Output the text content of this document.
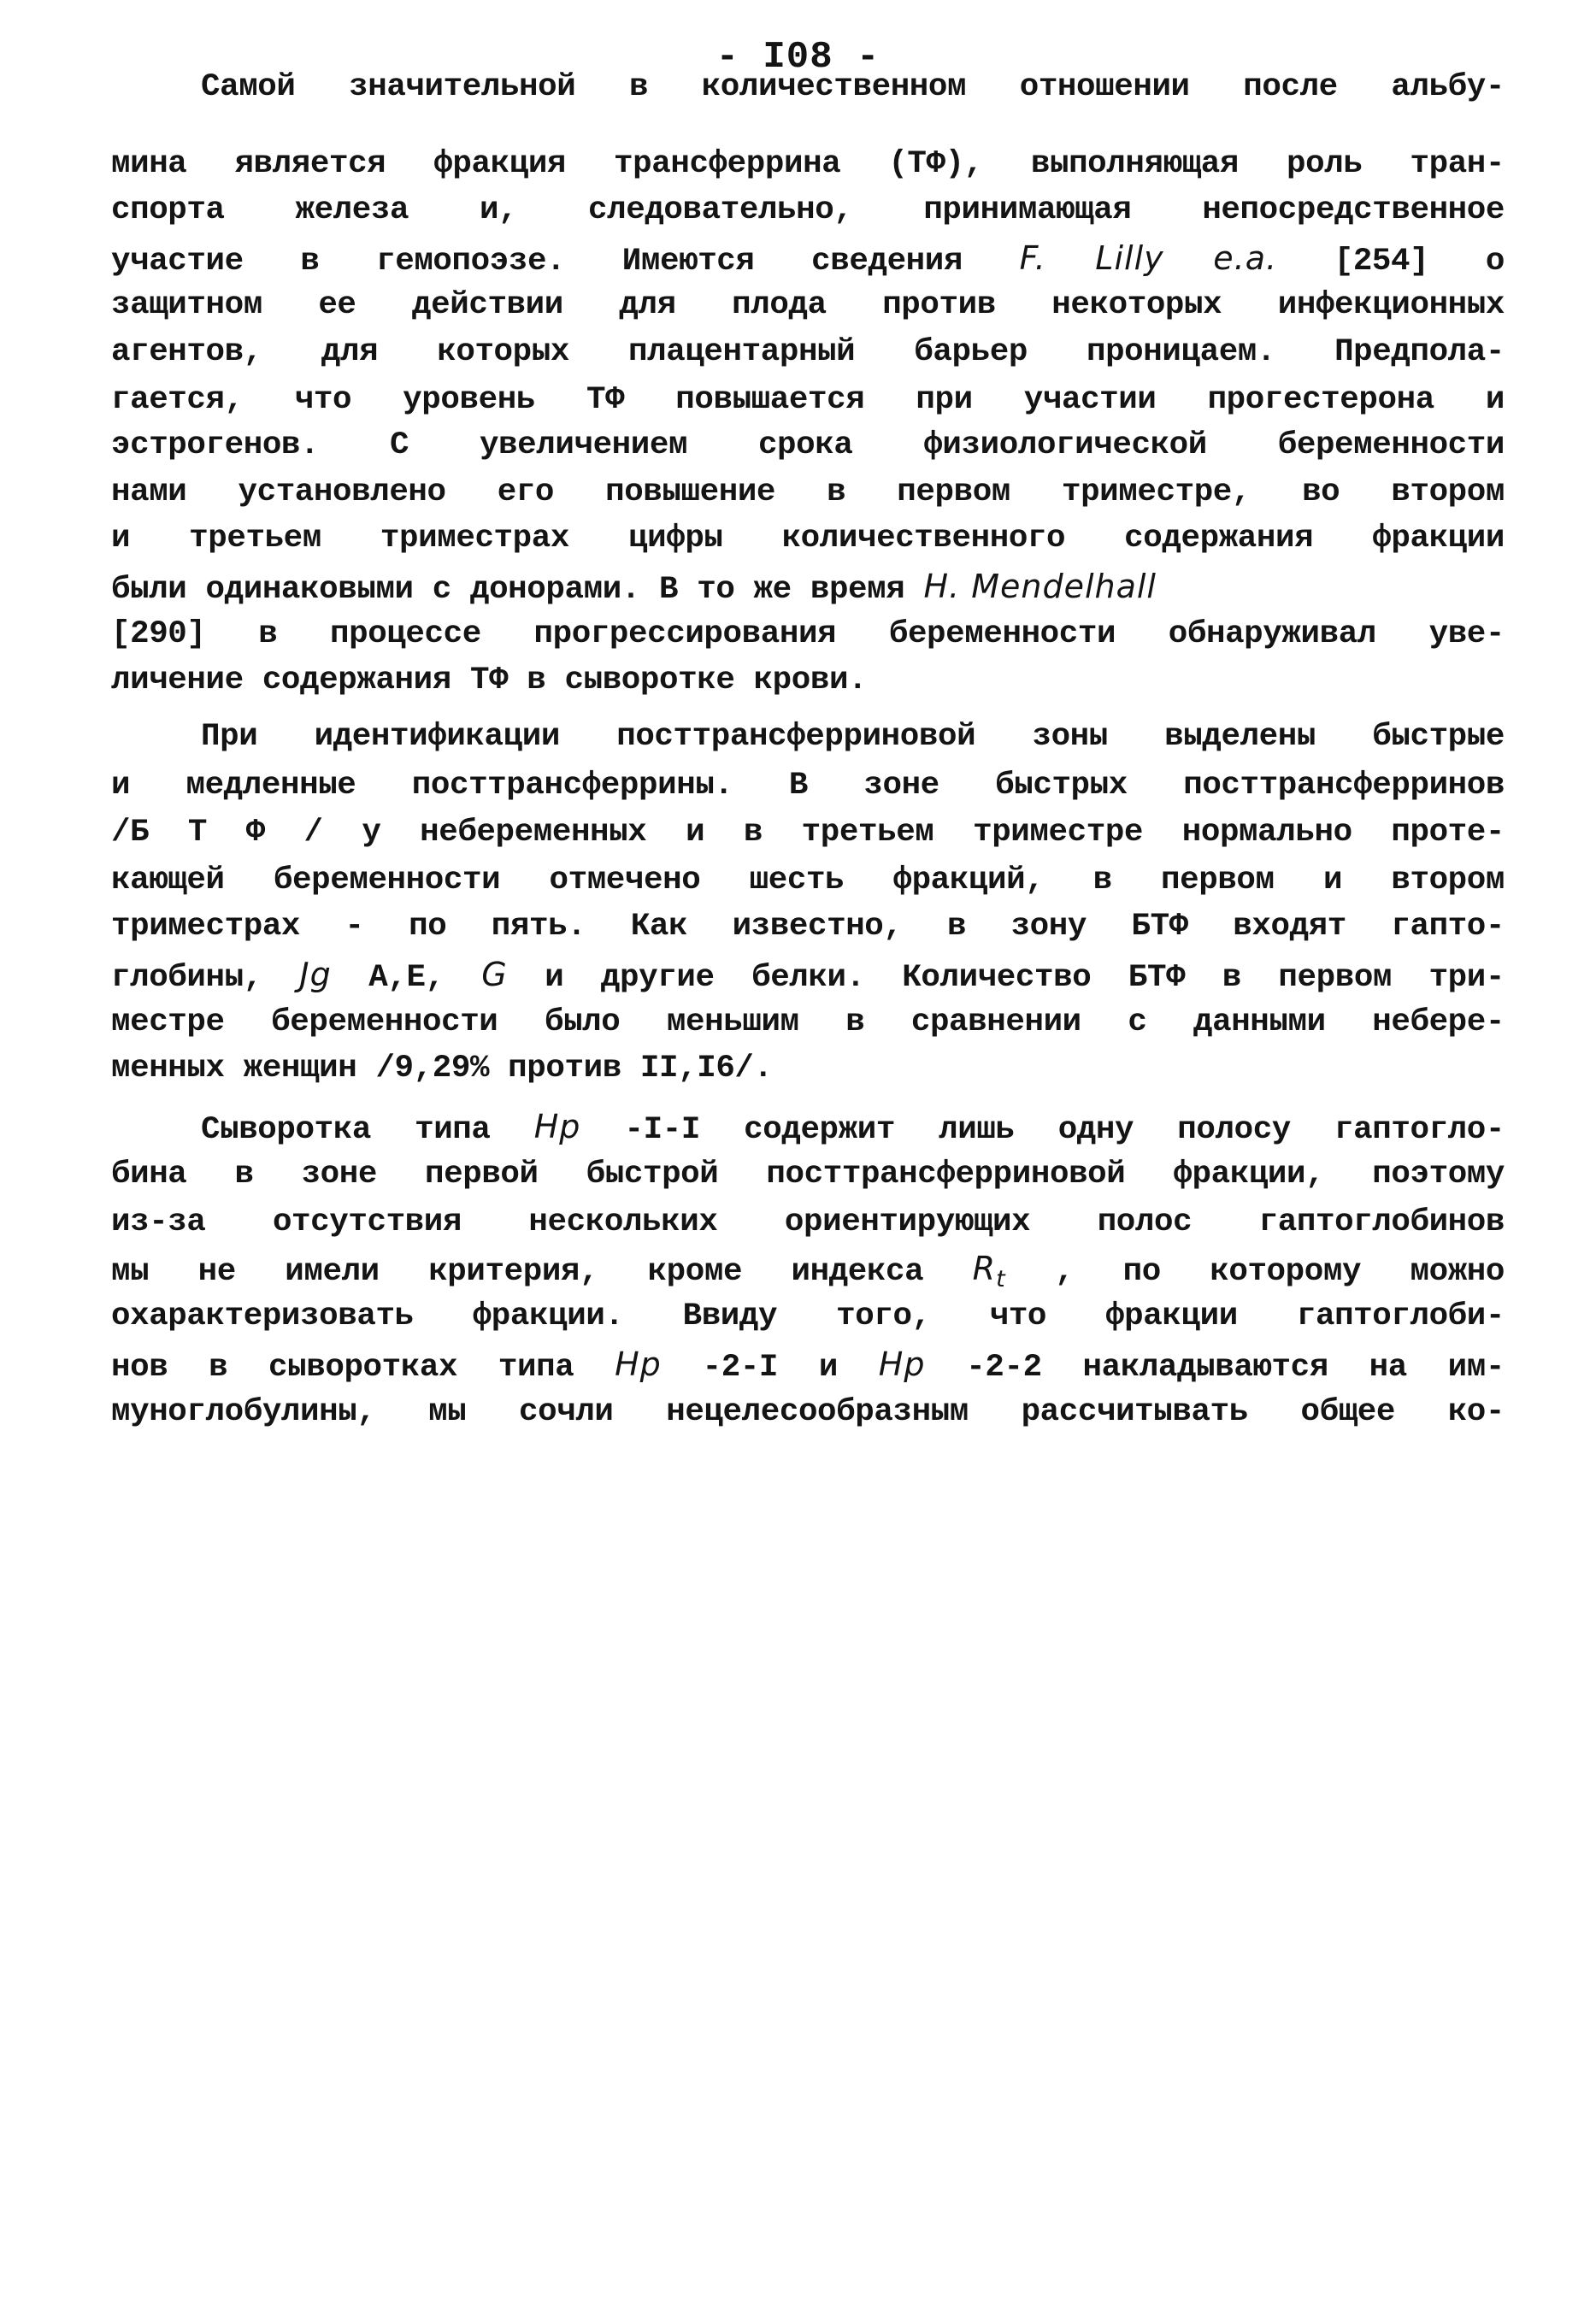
- I08 -
Самой значительной в количественном отношении после альбу-
мина является фракция трансферрина (ТФ), выполняющая роль тран-
спорта железа и, следовательно, принимающая непосредственное
участие в гемопоэзе. Имеются сведения F. Lilly e.a. [254] о
защитном ее действии для плода против некоторых инфекционных
агентов, для которых плацентарный барьер проницаем. Предпола-
гается, что уровень ТФ повышается при участии прогестерона и
эстрогенов. С увеличением срока физиологической беременности
нами установлено его повышение в первом триместре, во втором
и третьем триместрах цифры количественного содержания фракции
были одинаковыми с донорами. В то же время H. Mendelhall
[290] в процессе прогрессирования беременности обнаруживал уве-
личение содержания ТФ в сыворотке крови.
При идентификации посттрансферриновой зоны выделены быстрые
и медленные посттрансферрины. В зоне быстрых посттрансферринов
/Б Т Ф / у небеременных и в третьем триместре нормально проте-
кающей беременности отмечено шесть фракций, в первом и втором
триместрах - по пять. Как известно, в зону БТФ входят гапто-
глобины, Jg A,E, G и другие белки. Количество БТФ в первом три-
местре беременности было меньшим в сравнении с данными небере-
менных женщин /9,29% против II,I6/.
Сыворотка типа Hp -I-I содержит лишь одну полосу гаптогло-
бина в зоне первой быстрой посттрансферриновой фракции, поэтому
из-за отсутствия нескольких ориентирующих полос гаптоглобинов
мы не имели критерия, кроме индекса $R_t$ , по которому можно
охарактеризовать фракции. Ввиду того, что фракции гаптоглоби-
нов в сыворотках типа Hp -2-I и Hp -2-2 накладываются на им-
муноглобулины, мы сочли нецелесообразным рассчитывать общее ко-
